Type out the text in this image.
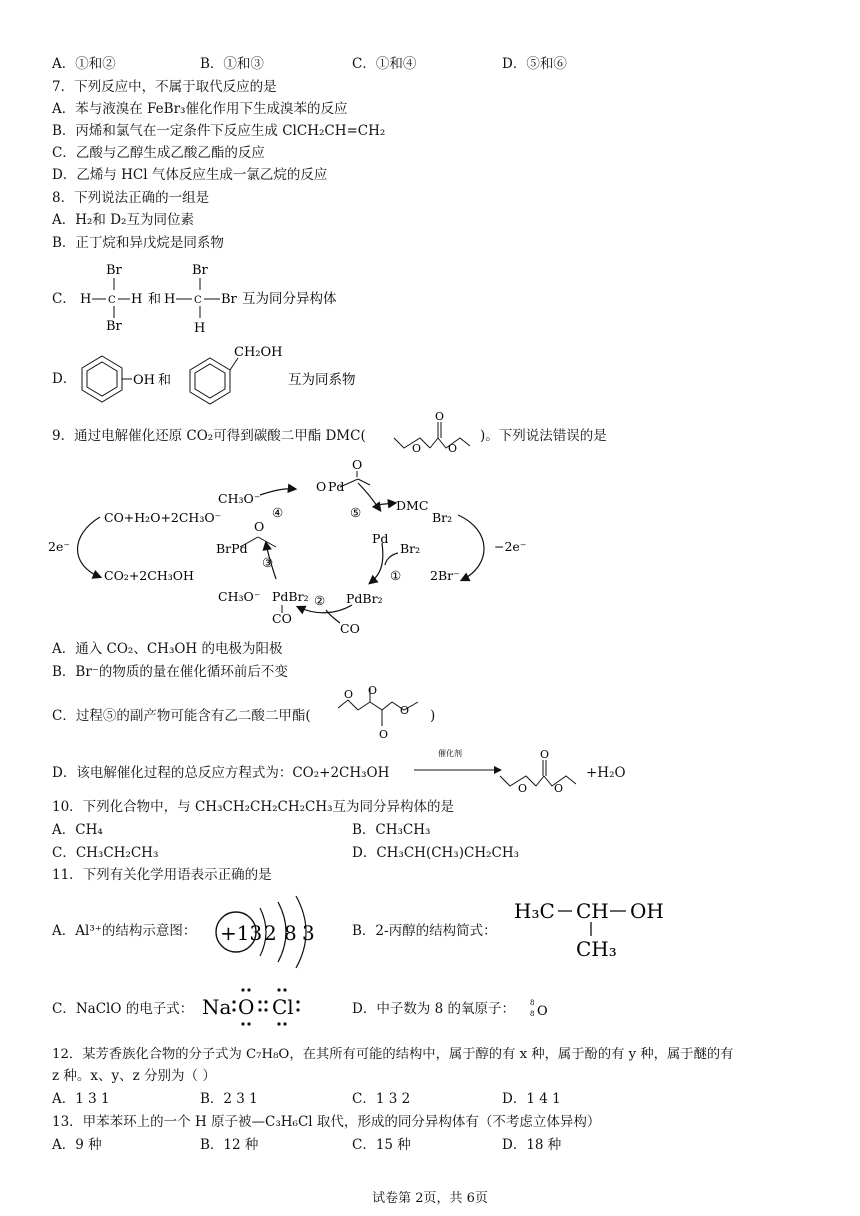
A．①和②	B．①和③	C．①和④	D．⑤和⑥
7．下列反应中，不属于取代反应的是
A．苯与液溴在 FeBr₃催化作用下生成溴苯的反应
B．丙烯和氯气在一定条件下反应生成 ClCH₂CH=CH₂
C．乙酸与乙醇生成乙酸乙酯的反应
D．乙烯与 HCl 气体反应生成一氯乙烷的反应
8．下列说法正确的一组是
A．H₂和 D₂互为同位素
B．正丁烷和异戊烷是同系物
C．
Br
H C H
Br
和
Br
H C Br
H
互为同分异构体
D．	OH 和
CH₂OH
互为同系物
9．通过电解催化还原 CO₂可得到碳酸二甲酯 DMC(
O
O O
)。下列说法错误的是
CO+H₂O+2CH₃O⁻
CO₂+2CH₃OH
2e⁻	−2e⁻
2Br⁻
Br₂
DMC
Pd
Br₂
PdBr₂
CO
CH₃O⁻
CH₃O⁻
BrPd
PdBr₂
CO
O Pd
O
O
①
②
③
④	⑤
A．通入 CO₂、CH₃OH 的电极为阳极
B．Br⁻的物质的量在催化循环前后不变
C．过程⑤的副产物可能含有乙二酸二甲酯(
O O
O
O )
D．该电解催化过程的总反应方程式为：CO₂+2CH₃OH
催化剂	O
O O
+H₂O
10．下列化合物中，与 CH₃CH₂CH₂CH₂CH₃互为同分异构体的是
A．CH₄	B．CH₃CH₃
C．CH₃CH₂CH₃	D．CH₃CH(CH₃)CH₂CH₃
11．下列有关化学用语表示正确的是
A．Al³⁺的结构示意图： +13 2 8 3	B．2-丙醇的结构简式：
H₃C CH OH
CH₃
C．NaClO 的电子式： Na O Cl	D．中子数为 8 的氧原子： 8
8 O
12．某芳香族化合物的分子式为 C₇H₈O，在其所有可能的结构中，属于醇的有 x 种，属于酚的有 y 种，属于醚的有
z 种。x、y、z 分别为（ ）
A．1 3 1	B．2 3 1	C．1 3 2	D．1 4 1
13．甲苯苯环上的一个 H 原子被—C₃H₆Cl 取代，形成的同分异构体有（不考虑立体异构）
A．9 种	B．12 种	C．15 种	D．18 种
试卷第 2页，共 6页
